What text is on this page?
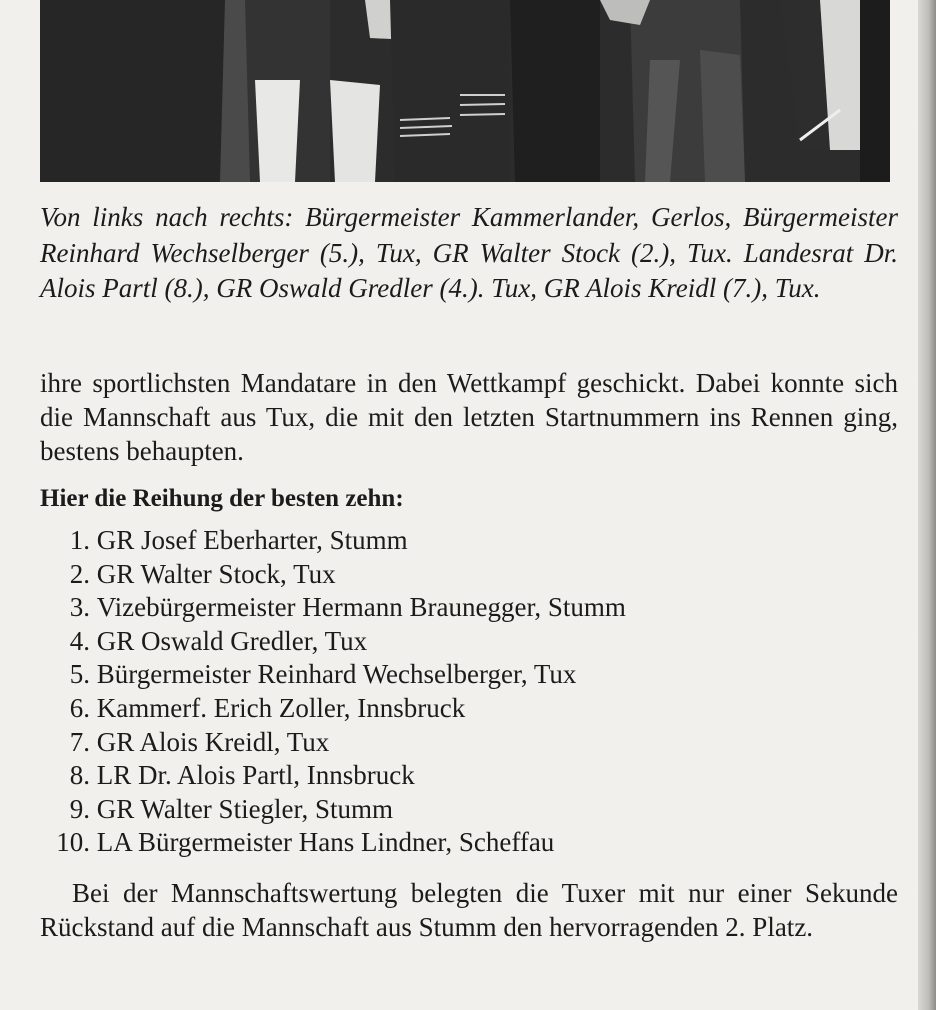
Von links nach rechts: Bürgermeister Kammerlander, Gerlos, Bürgermeister Reinhard Wechselberger (5.), Tux, GR Walter Stock (2.), Tux. Landesrat Dr. Alois Partl (8.), GR Oswald Gredler (4.). Tux, GR Alois Kreidl (7.), Tux.

ihre sportlichsten Mandatare in den Wettkampf geschickt. Dabei konnte sich die Mannschaft aus Tux, die mit den letzten Startnummern ins Rennen ging, bestens behaupten.

Hier die Reihung der besten zehn:

1.
GR Josef Eberharter, Stumm
2.
GR Walter Stock, Tux
3.
Vizebürgermeister Hermann Braunegger, Stumm
4.
GR Oswald Gredler, Tux
5.
Bürgermeister Reinhard Wechselberger, Tux
6.
Kammerf. Erich Zoller, Innsbruck
7.
GR Alois Kreidl, Tux
8.
LR Dr. Alois Partl, Innsbruck
9.
GR Walter Stiegler, Stumm
10.
LA Bürgermeister Hans Lindner, Scheffau

Bei der Mannschaftswertung belegten die Tuxer mit nur einer Sekunde Rückstand auf die Mannschaft aus Stumm den hervorragenden 2. Platz.
